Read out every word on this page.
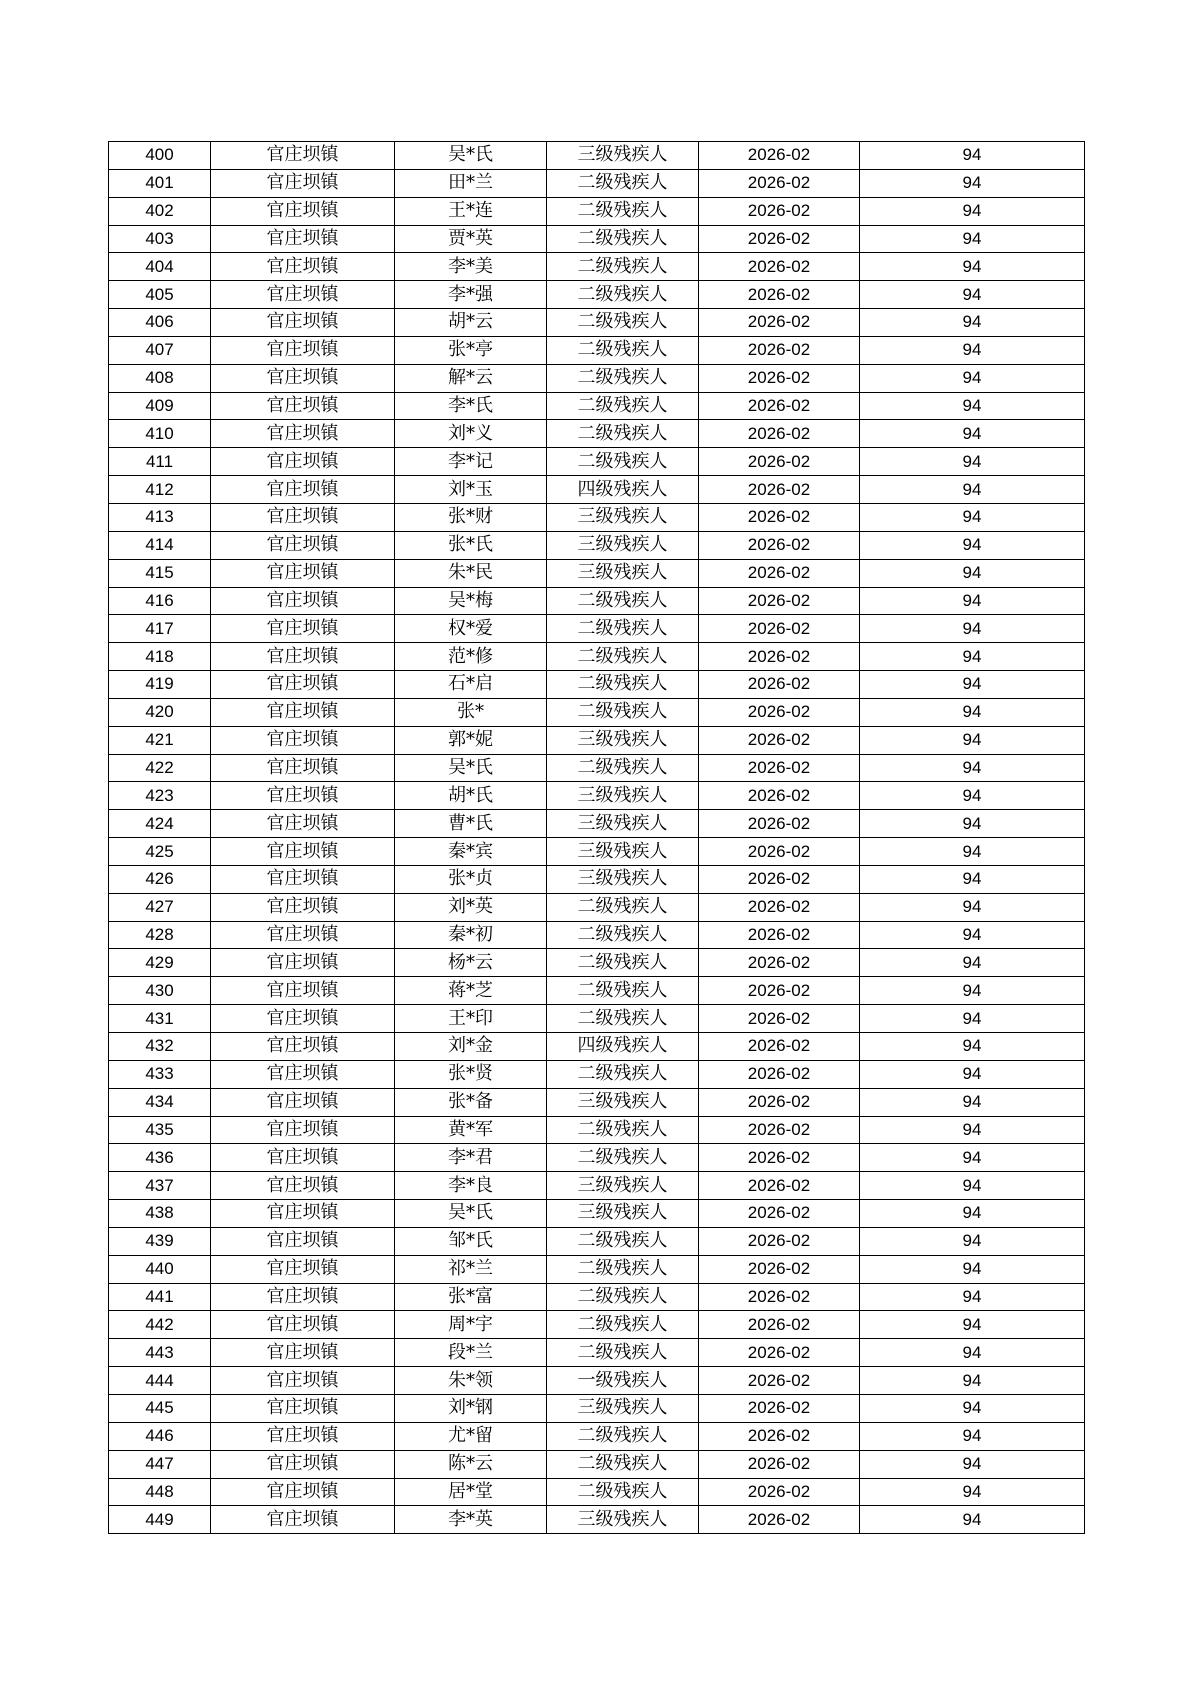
400	官庄坝镇	吴*氏	三级残疾人	2026-02	94
401	官庄坝镇	田*兰	二级残疾人	2026-02	94
402	官庄坝镇	王*连	二级残疾人	2026-02	94
403	官庄坝镇	贾*英	二级残疾人	2026-02	94
404	官庄坝镇	李*美	二级残疾人	2026-02	94
405	官庄坝镇	李*强	二级残疾人	2026-02	94
406	官庄坝镇	胡*云	二级残疾人	2026-02	94
407	官庄坝镇	张*亭	二级残疾人	2026-02	94
408	官庄坝镇	解*云	二级残疾人	2026-02	94
409	官庄坝镇	李*氏	二级残疾人	2026-02	94
410	官庄坝镇	刘*义	二级残疾人	2026-02	94
411	官庄坝镇	李*记	二级残疾人	2026-02	94
412	官庄坝镇	刘*玉	四级残疾人	2026-02	94
413	官庄坝镇	张*财	三级残疾人	2026-02	94
414	官庄坝镇	张*氏	三级残疾人	2026-02	94
415	官庄坝镇	朱*民	三级残疾人	2026-02	94
416	官庄坝镇	吴*梅	二级残疾人	2026-02	94
417	官庄坝镇	权*爱	二级残疾人	2026-02	94
418	官庄坝镇	范*修	二级残疾人	2026-02	94
419	官庄坝镇	石*启	二级残疾人	2026-02	94
420	官庄坝镇	张*	二级残疾人	2026-02	94
421	官庄坝镇	郭*妮	三级残疾人	2026-02	94
422	官庄坝镇	吴*氏	二级残疾人	2026-02	94
423	官庄坝镇	胡*氏	三级残疾人	2026-02	94
424	官庄坝镇	曹*氏	三级残疾人	2026-02	94
425	官庄坝镇	秦*宾	三级残疾人	2026-02	94
426	官庄坝镇	张*贞	三级残疾人	2026-02	94
427	官庄坝镇	刘*英	二级残疾人	2026-02	94
428	官庄坝镇	秦*初	二级残疾人	2026-02	94
429	官庄坝镇	杨*云	二级残疾人	2026-02	94
430	官庄坝镇	蒋*芝	二级残疾人	2026-02	94
431	官庄坝镇	王*印	二级残疾人	2026-02	94
432	官庄坝镇	刘*金	四级残疾人	2026-02	94
433	官庄坝镇	张*贤	二级残疾人	2026-02	94
434	官庄坝镇	张*备	三级残疾人	2026-02	94
435	官庄坝镇	黄*军	二级残疾人	2026-02	94
436	官庄坝镇	李*君	二级残疾人	2026-02	94
437	官庄坝镇	李*良	三级残疾人	2026-02	94
438	官庄坝镇	吴*氏	三级残疾人	2026-02	94
439	官庄坝镇	邹*氏	二级残疾人	2026-02	94
440	官庄坝镇	祁*兰	二级残疾人	2026-02	94
441	官庄坝镇	张*富	二级残疾人	2026-02	94
442	官庄坝镇	周*宇	二级残疾人	2026-02	94
443	官庄坝镇	段*兰	二级残疾人	2026-02	94
444	官庄坝镇	朱*领	一级残疾人	2026-02	94
445	官庄坝镇	刘*钢	三级残疾人	2026-02	94
446	官庄坝镇	尤*留	二级残疾人	2026-02	94
447	官庄坝镇	陈*云	二级残疾人	2026-02	94
448	官庄坝镇	居*堂	二级残疾人	2026-02	94
449	官庄坝镇	李*英	三级残疾人	2026-02	94
